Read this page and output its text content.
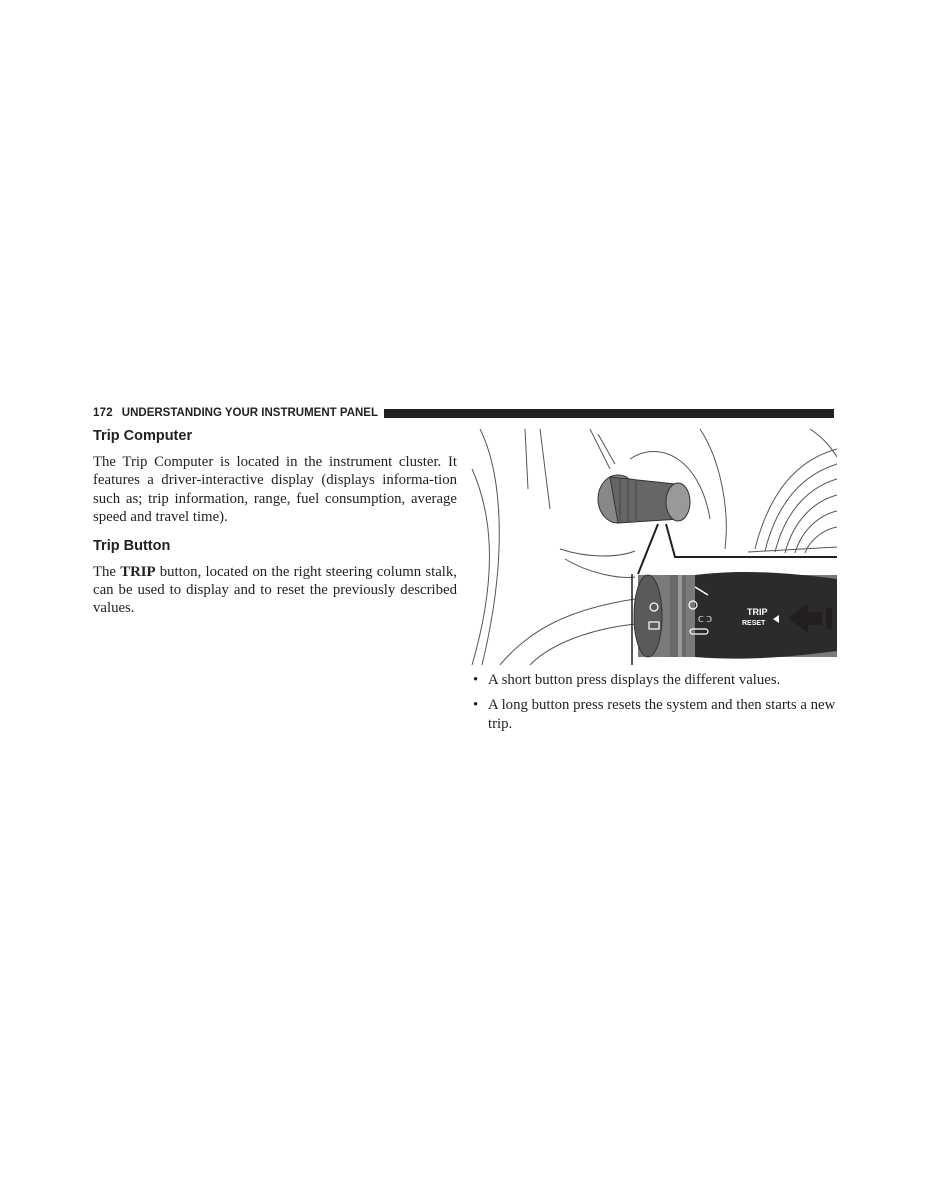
172 UNDERSTANDING YOUR INSTRUMENT PANEL
Trip Computer

The Trip Computer is located in the instrument cluster. It features a driver-interactive display (displays informa-tion such as; trip information, range, fuel consumption, average speed and travel time).

Trip Button

The TRIP button, located on the right steering column stalk, can be used to display and to reset the previously described values.

ᑕ ᑐ
TRIP
RESET
• A short button press displays the different values.
• A long button press resets the system and then starts a new trip.
